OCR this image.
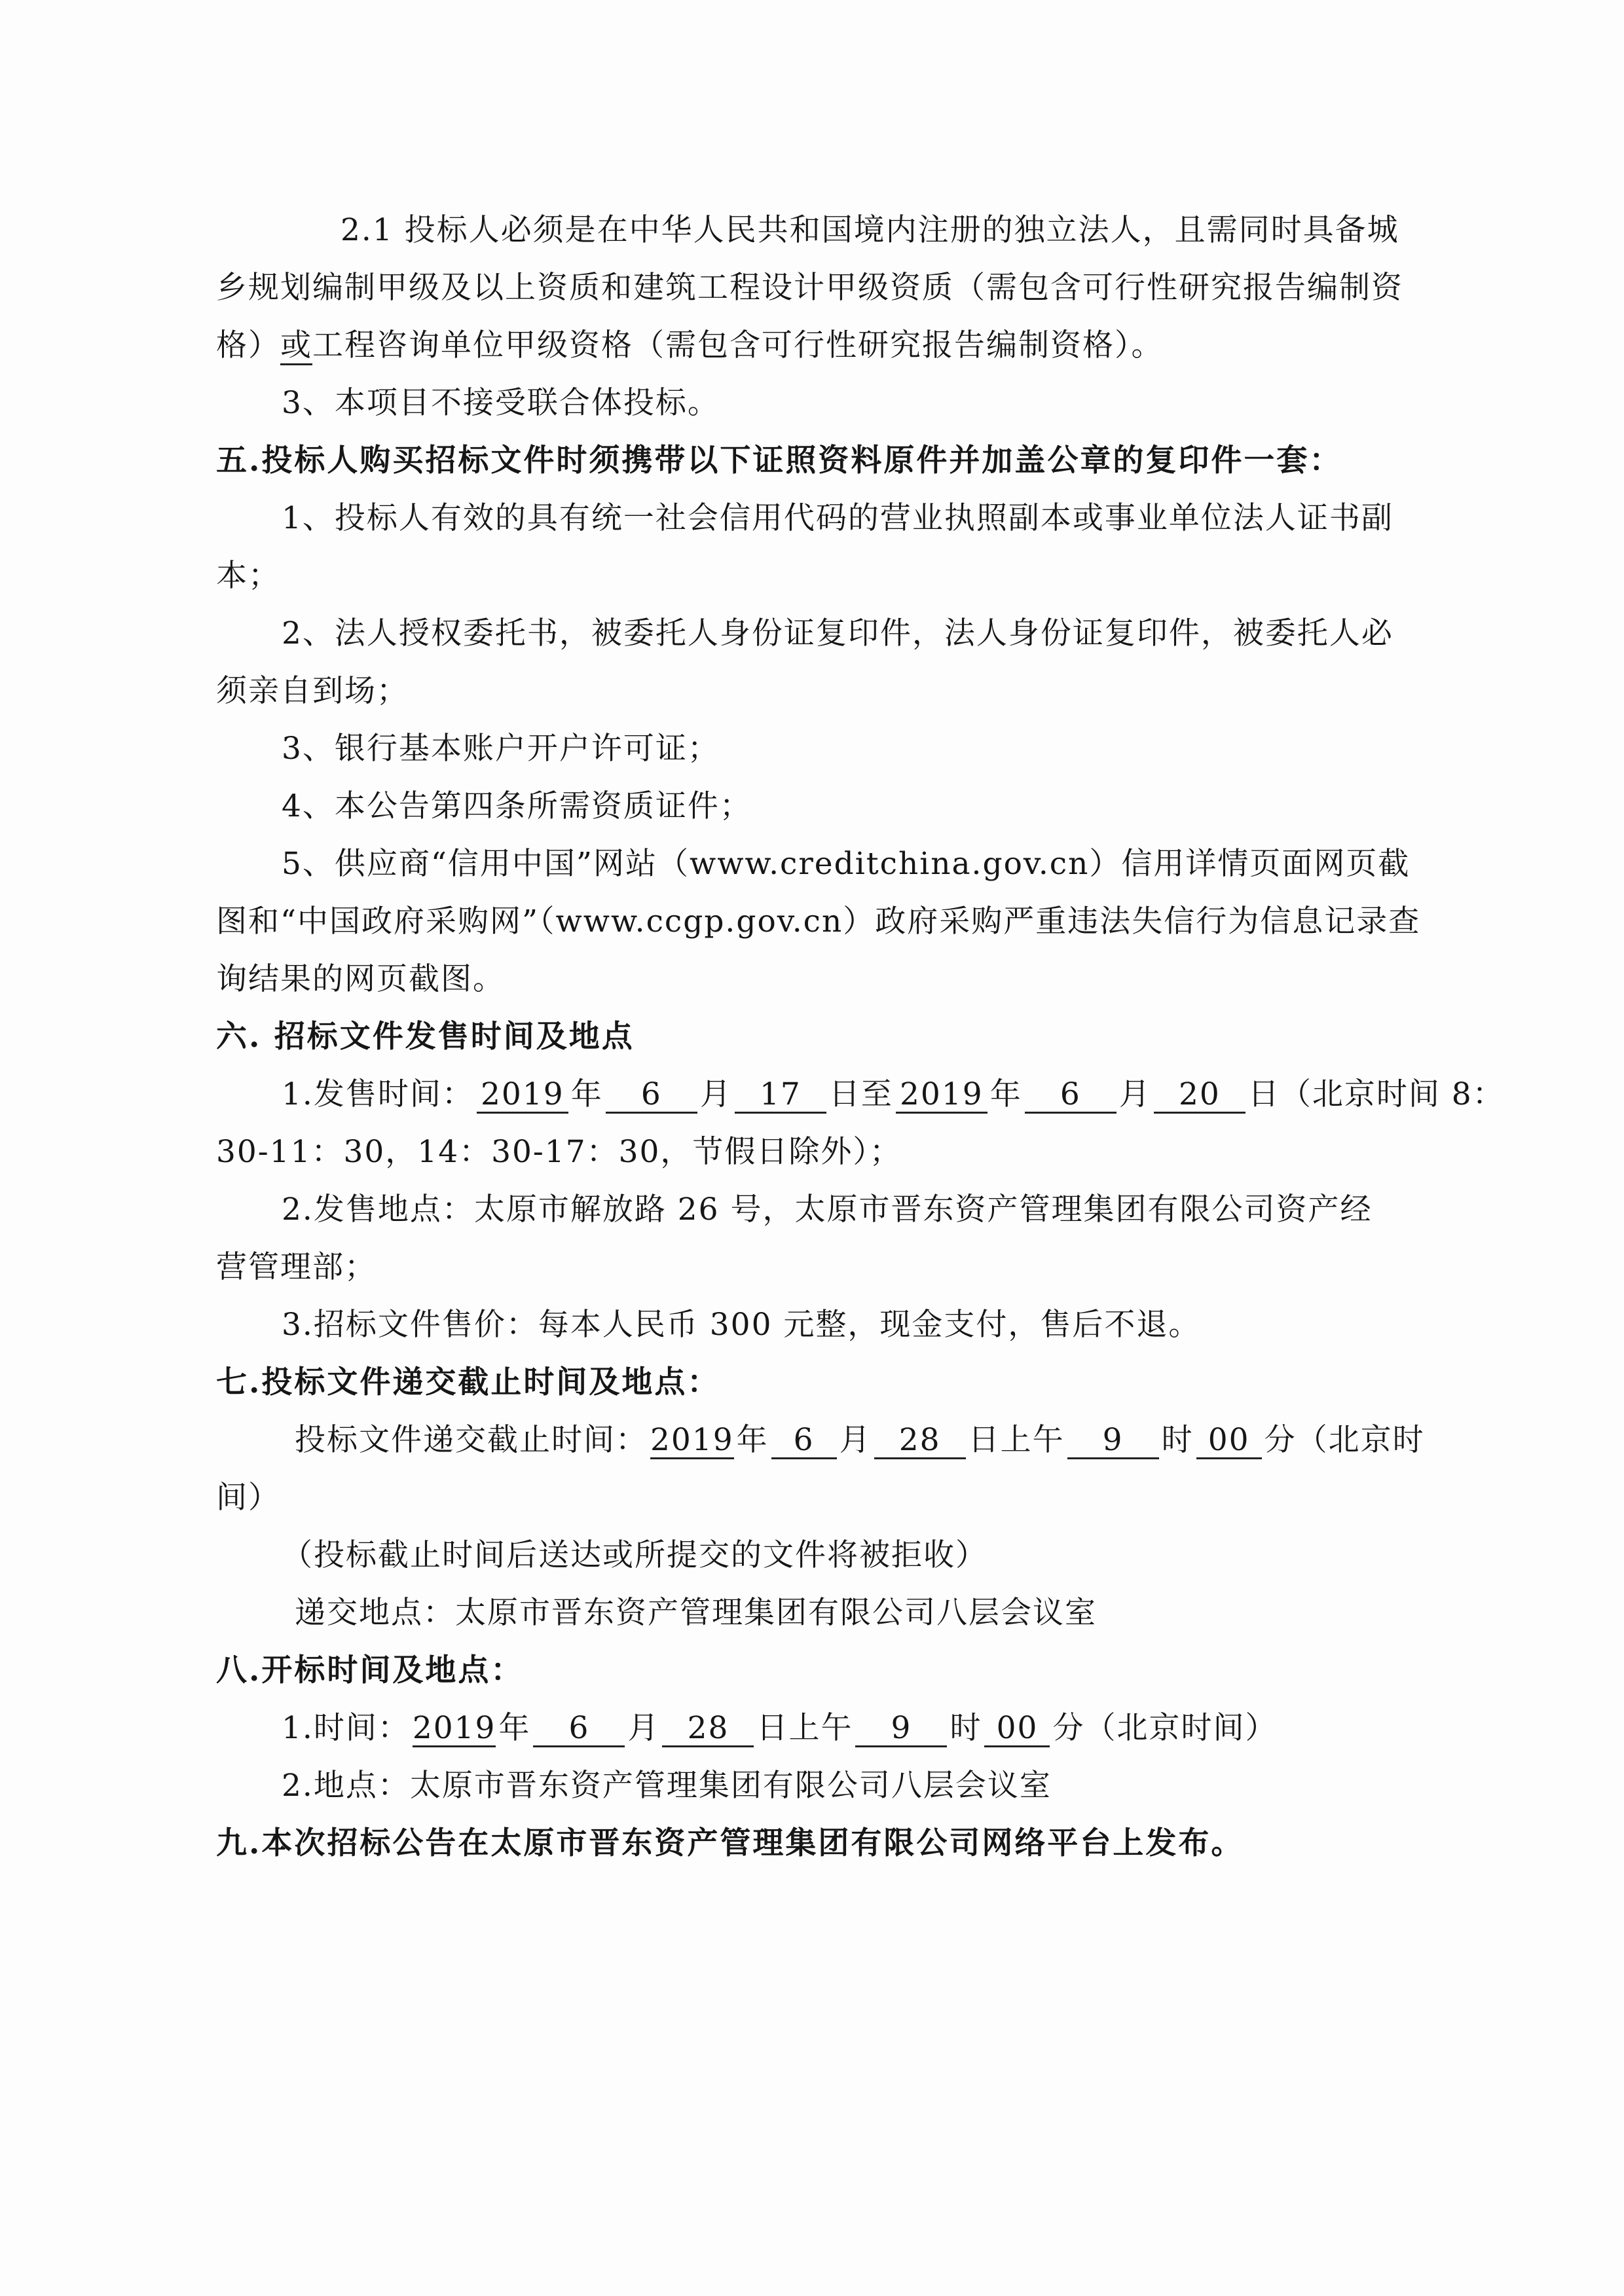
2.1 投标人必须是在中华人民共和国境内注册的独立法人，且需同时具备城
乡规划编制甲级及以上资质和建筑工程设计甲级资质（需包含可行性研究报告编制资
格）或工程咨询单位甲级资格（需包含可行性研究报告编制资格）。
3、本项目不接受联合体投标。
五.投标人购买招标文件时须携带以下证照资料原件并加盖公章的复印件一套：
1、投标人有效的具有统一社会信用代码的营业执照副本或事业单位法人证书副
本；
2、法人授权委托书，被委托人身份证复印件，法人身份证复印件，被委托人必
须亲自到场；
3、银行基本账户开户许可证；
4、本公告第四条所需资质证件；
5、供应商“信用中国”网站（www.creditchina.gov.cn）信用详情页面网页截
图和“中国政府采购网”（www.ccgp.gov.cn）政府采购严重违法失信行为信息记录查
询结果的网页截图。
六. 招标文件发售时间及地点
1.发售时间： 2019 年 6 月 17 日至 2019 年 6 月 20 日（北京时间 8：
30-11：30，14：30-17：30，节假日除外）；
2.发售地点：太原市解放路 26 号，太原市晋东资产管理集团有限公司资产经
营管理部；
3.招标文件售价：每本人民币 300 元整，现金支付，售后不退。
七.投标文件递交截止时间及地点：
投标文件递交截止时间：2019年 6 月 28 日上午 9 时 00 分（北京时
间）
（投标截止时间后送达或所提交的文件将被拒收）
递交地点：太原市晋东资产管理集团有限公司八层会议室
八.开标时间及地点：
1.时间：2019年 6 月 28 日上午 9 时 00 分（北京时间）
2.地点：太原市晋东资产管理集团有限公司八层会议室
九.本次招标公告在太原市晋东资产管理集团有限公司网络平台上发布。
